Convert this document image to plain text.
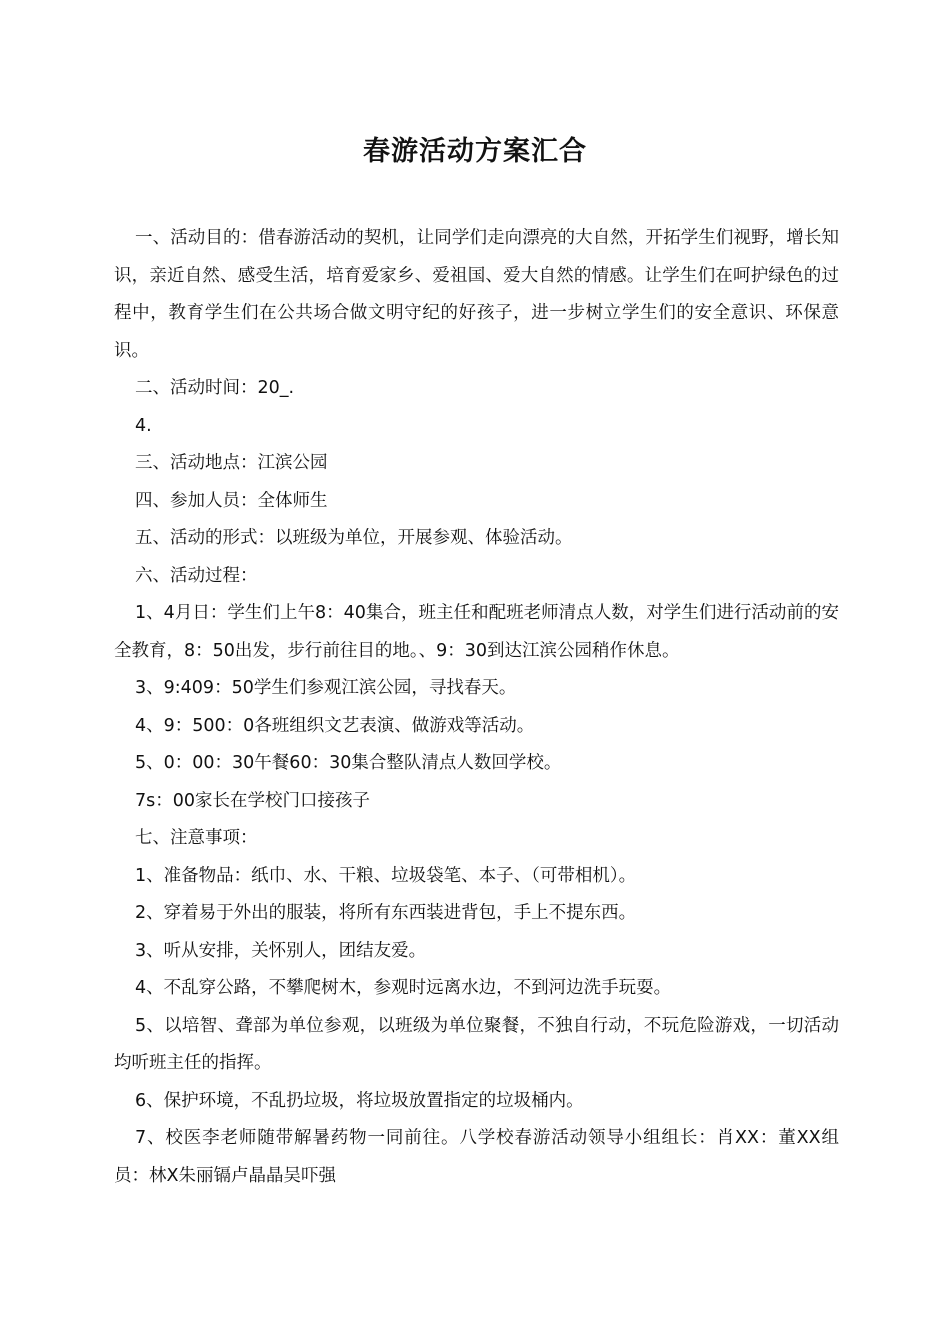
春游活动方案汇合

一、活动目的：借春游活动的契机，让同学们走向漂亮的大自然，开拓学生们视野，增长知识，亲近自然、感受生活，培育爱家乡、爱祖国、爱大自然的情感。让学生们在呵护绿色的过程中，教育学生们在公共场合做文明守纪的好孩子，进一步树立学生们的安全意识、环保意识。

二、活动时间：20_.

4.

三、活动地点：江滨公园

四、参加人员：全体师生

五、活动的形式：以班级为单位，开展参观、体验活动。

六、活动过程：

1、4月日：学生们上午8：40集合，班主任和配班老师清点人数，对学生们进行活动前的安全教育，8：50出发，步行前往目的地。、9：30到达江滨公园稍作休息。

3、9:409：50学生们参观江滨公园，寻找春天。

4、9：500：0各班组织文艺表演、做游戏等活动。

5、0：00：30午餐60：30集合整队清点人数回学校。

7s：00家长在学校门口接孩子

七、注意事项：

1、准备物品：纸巾、水、干粮、垃圾袋笔、本子、（可带相机）。

2、穿着易于外出的服装，将所有东西装进背包，手上不提东西。

3、听从安排，关怀别人，团结友爱。

4、不乱穿公路，不攀爬树木，参观时远离水边，不到河边洗手玩耍。

5、以培智、聋部为单位参观，以班级为单位聚餐，不独自行动，不玩危险游戏，一切活动均听班主任的指挥。

6、保护环境，不乱扔垃圾，将垃圾放置指定的垃圾桶内。

7、校医李老师随带解暑药物一同前往。八学校春游活动领导小组组长：肖XX：董XX组员：林X朱丽镉卢晶晶吴吓强
